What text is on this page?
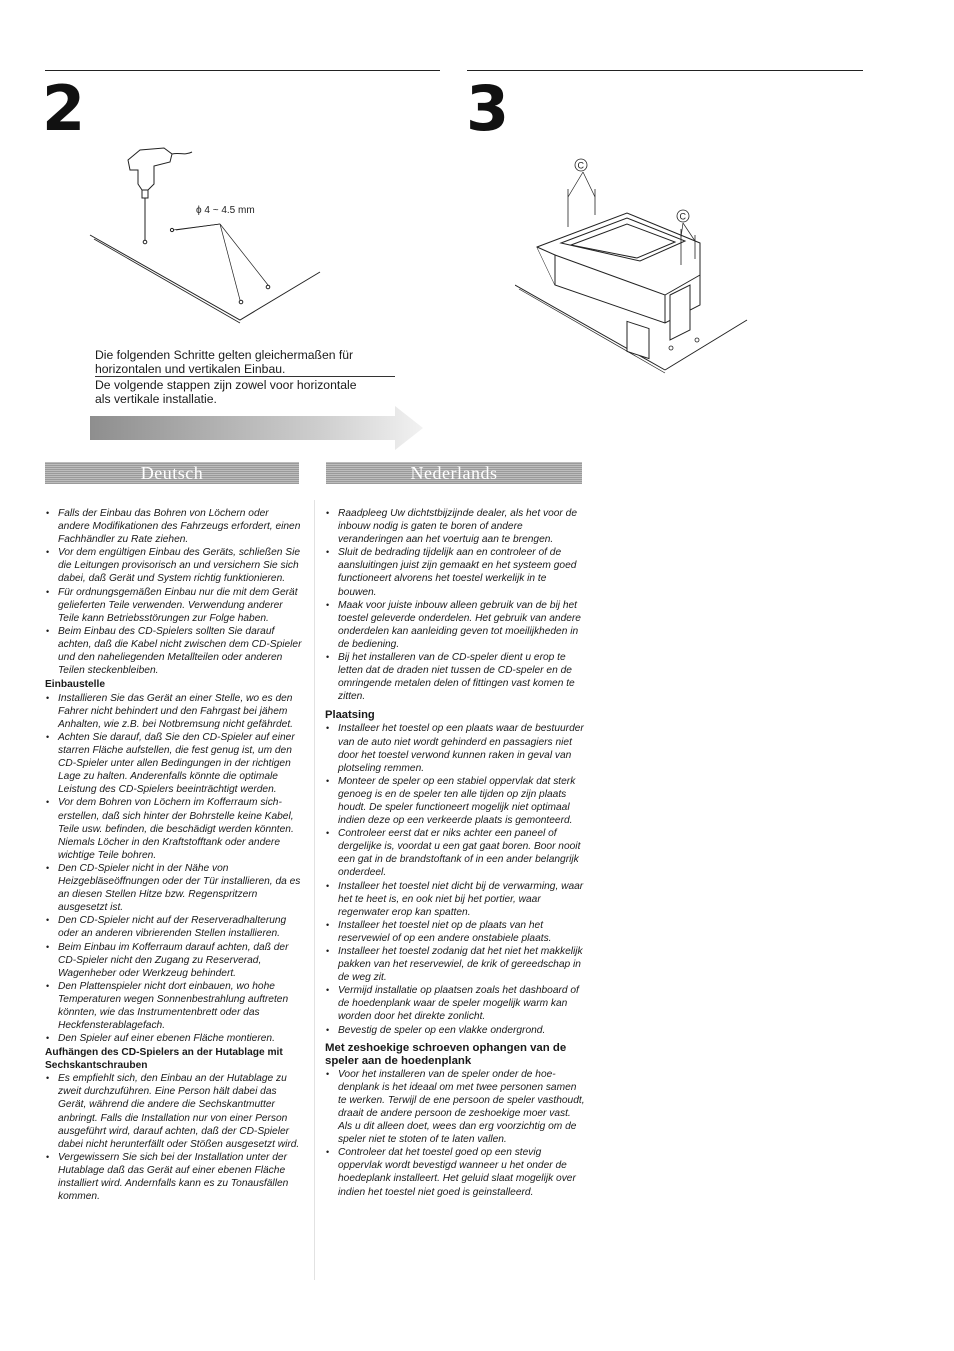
2	3
ϕ 4 ~ 4.5 mm
C
C
Die folgenden Schritte gelten gleichermaßen für
horizontalen und vertikalen Einbau.
De volgende stappen zijn zowel voor horizontale
als vertikale installatie.
Deutsch	Nederlands
• Falls der Einbau das Bohren von Löchern oder andere Modifikationen des Fahrzeugs erfordert, einen Fachhändler zu Rate ziehen.
• Vor dem engültigen Einbau des Geräts, schließen Sie die Leitungen provisorisch an und versichern Sie sich dabei, daß Gerät und System richtig funktionieren.
• Für ordnungsgemäßen Einbau nur die mit dem Gerät gelieferten Teile verwenden. Verwendung anderer Teile kann Betriebsstörungen zur Folge haben.
• Beim Einbau des CD-Spielers sollten Sie darauf achten, daß die Kabel nicht zwischen dem CD-Spieler und den naheliegenden Metallteilen oder anderen Teilen steckenbleiben.
Einbaustelle
• Installieren Sie das Gerät an einer Stelle, wo es den Fahrer nicht behindert und den Fahrgast bei jähem Anhalten, wie z.B. bei Notbremsung nicht gefährdet.
• Achten Sie darauf, daß Sie den CD-Spieler auf einer starren Fläche aufstellen, die fest genug ist, um den CD-Spieler unter allen Bedingungen in der richtigen Lage zu halten. Anderenfalls könnte die optimale Leistung des CD-Spielers beeinträchtigt werden.
• Vor dem Bohren von Löchern im Kofferraum sicherstellen, daß sich hinter der Bohrstelle keine Kabel, Teile usw. befinden, die beschädigt werden könnten. Niemals Löcher in den Kraftstofftank oder andere wichtige Teile bohren.
• Den CD-Spieler nicht in der Nähe von Heizgebläseöffnungen oder der Tür installieren, da es an diesen Stellen Hitze bzw. Regenspritzern ausgesetzt ist.
• Den CD-Spieler nicht auf der Reserveradhalterung oder an anderen vibrierenden Stellen installieren.
• Beim Einbau im Kofferraum darauf achten, daß der CD-Spieler nicht den Zugang zu Reserverad, Wagenheber oder Werkzeug behindert.
• Den Plattenspieler nicht dort einbauen, wo hohe Temperaturen wegen Sonnenbestrahlung auftreten könnten, wie das Instrumentenbrett oder das Heckfensterablagefach.
• Den Spieler auf einer ebenen Fläche montieren.
Aufhängen des CD-Spielers an der Hutablage mit Sechskantschrauben
• Es empfiehlt sich, den Einbau an der Hutablage zu zweit durchzuführen. Eine Person hält dabei das Gerät, während die andere die Sechskantmutter anbringt. Falls die Installation nur von einer Person ausgeführt wird, darauf achten, daß der CD-Spieler dabei nicht herunterfällt oder Stößen ausgesetzt wird.
• Vergewissern Sie sich bei der Installation unter der Hutablage daß das Gerät auf einer ebenen Fläche installiert wird. Andernfalls kann es zu Tonausfällen kommen.
• Raadpleeg Uw dichtstbijzijnde dealer, als het voor de inbouw nodig is gaten te boren of andere veranderingen aan het voertuig aan te brengen.
• Sluit de bedrading tijdelijk aan en controleer of de aansluitingen juist zijn gemaakt en het systeem goed functioneert alvorens het toestel werkelijk in te bouwen.
• Maak voor juiste inbouw alleen gebruik van de bij het toestel geleverde onderdelen. Het gebruik van andere onderdelen kan aanleiding geven tot moeilijkheden in de bediening.
• Bij het installeren van de CD-speler dient u erop te letten dat de draden niet tussen de CD-speler en de omringende metalen delen of fittingen vast komen te zitten.
Plaatsing
• Installeer het toestel op een plaats waar de bestuurder van de auto niet wordt gehinderd en passagiers niet door het toestel verwond kunnen raken in geval van plotseling remmen.
• Monteer de speler op een stabiel oppervlak dat sterk genoeg is en de speler ten alle tijden op zijn plaats houdt. De speler functioneert mogelijk niet optimaal indien deze op een verkeerde plaats is gemonteerd.
• Controleer eerst dat er niks achter een paneel of dergelijke is, voordat u een gat gaat boren. Boor nooit een gat in de brandstoftank of in een ander belangrijk onderdeel.
• Installeer het toestel niet dicht bij de verwarming, waar het te heet is, en ook niet bij het portier, waar regenwater erop kan spatten.
• Installeer het toestel niet op de plaats van het reservewiel of op een andere onstabiele plaats.
• Installeer het toestel zodanig dat het niet het makkelijk pakken van het reservewiel, de krik of gereedschap in de weg zit.
• Vermijd installatie op plaatsen zoals het dashboard of de hoedenplank waar de speler mogelijk warm kan worden door het direkte zonlicht.
• Bevestig de speler op een vlakke ondergrond.
Met zeshoekige schroeven ophangen van de speler aan de hoedenplank
• Voor het installeren van de speler onder de hoedenplank is het ideaal om met twee personen samen te werken. Terwijl de ene persoon de speler vasthoudt, draait de andere persoon de zeshoekige moer vast. Als u dit alleen doet, wees dan erg voorzichtig om de speler niet te stoten of te laten vallen.
• Controleer dat het toestel goed op een stevig oppervlak wordt bevestigd wanneer u het onder de hoedeplank installeert. Het geluid slaat mogelijk over indien het toestel niet goed is geinstalleerd.
